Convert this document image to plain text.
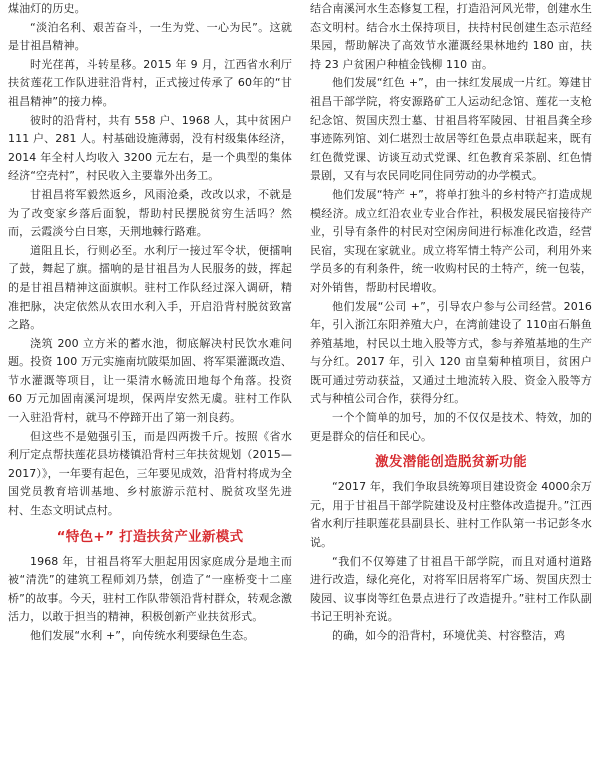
煤油灯的历史。

“淡泊名利、艰苦奋斗，一生为党、一心为民”。这就是甘祖昌精神。

时光荏苒，斗转星移。2015 年 9 月，江西省水利厅扶贫莲花工作队进驻沿背村，正式接过传承了 60年的“甘祖昌精神”的接力棒。

彼时的沿背村，共有 558 户、1968 人，其中贫困户 111 户、281 人。村基础设施薄弱，没有村级集体经济，2014 年全村人均收入 3200 元左右，是一个典型的集体经济“空壳村”，村民收入主要靠外出务工。

甘祖昌将军毅然返乡，风雨沧桑，改改以求，不就是为了改变家乡落后面貌，帮助村民摆脱贫穷生活吗？然而，云霞淡兮白日寒，天荆地棘行路难。

道阻且长，行则必至。水利厅一接过军令状，便擂响了鼓，舞起了旗。擂响的是甘祖昌为人民服务的鼓，挥起的是甘祖昌精神这面旗帜。驻村工作队经过深入调研，精准把脉，决定依然从农田水利入手，开启沿背村脱贫致富之路。

浇筑 200 立方米的蓄水池，彻底解决村民饮水难问题。投资 100 万元实施南坑陂渠加固、将军渠灌溉改造、节水灌溉等项目，让一渠清水畅流田地每个角落。投资 60 万元加固南溪河堤坝，保两岸安然无虞。驻村工作队一入驻沿背村，就马不停蹄开出了第一剂良药。

但这些不是勉强引玉，而是四两拨千斤。按照《省水利厅定点帮扶莲花县坊楼镇沿背村三年扶贫规划（2015—2017）》，一年要有起色，三年要见成效，沿背村将成为全国党员教育培训基地、乡村旅游示范村、脱贫攻坚先进村、生态文明试点村。

“特色+” 打造扶贫产业新模式

1968 年，甘祖昌将军大胆起用因家庭成分是地主而被“清洗”的建筑工程师刘乃禁，创造了“一座桥变十二座桥”的故事。今天，驻村工作队带领沿背村群众，转观念激活力，以敢于担当的精神，积极创新产业扶贫形式。

他们发展“水利 +”，向传统水利要绿色生态。

结合南溪河水生态修复工程，打造沿河风光带，创建水生态文明村。结合水土保持项目，扶持村民创建生态示范经果园，帮助解决了高效节水灌溉经果林地约 180 亩，扶持 23 户贫困户种植金钱柳 110 亩。

他们发展“红色 +”，由一抹红发展成一片红。筹建甘祖昌干部学院，将安源路矿工人运动纪念馆、莲花一支枪纪念馆、贺国庆烈士墓、甘祖昌将军陵园、甘祖昌龚全珍事迹陈列馆、刘仁堪烈士故居等红色景点串联起来，既有红色微党课、访谈互动式党课、红色教育采茶剧、红色情景剧，又有与农民同吃同住同劳动的办学模式。

他们发展“特产 +”，将单打独斗的乡村特产打造成规模经济。成立红沿农业专业合作社，积极发展民宿接待产业，引导有条件的村民对空闲房间进行标准化改造，经营民宿，实现在家就业。成立将军情土特产公司，利用外来学员多的有利条件，统一收购村民的土特产，统一包装，对外销售，帮助村民增收。

他们发展“公司 +”，引导农户参与公司经营。2016 年，引入浙江东阳养殖大户，在湾前建设了 110亩石斛鱼养殖基地，村民以土地入股等方式，参与养殖基地的生产与分红。2017 年，引入 120 亩皇菊种植项目，贫困户既可通过劳动获益，又通过土地流转入股、资金入股等方式与种植公司合作，获得分红。

一个个简单的加号，加的不仅仅是技术、特效，加的更是群众的信任和民心。

激发潜能创造脱贫新功能

“2017 年，我们争取县统筹项目建设资金 4000余万元，用于甘祖昌干部学院建设及村庄整体改造提升。”江西省水利厅挂职莲花县副县长、驻村工作队第一书记彭冬水说。

“我们不仅筹建了甘祖昌干部学院，而且对通村道路进行改造，绿化亮化，对将军旧居将军广场、贺国庆烈士陵园、议事岗等红色景点进行了改造提升。”驻村工作队副书记王明补充说。

的确，如今的沿背村，环境优美、村容整洁，鸡
